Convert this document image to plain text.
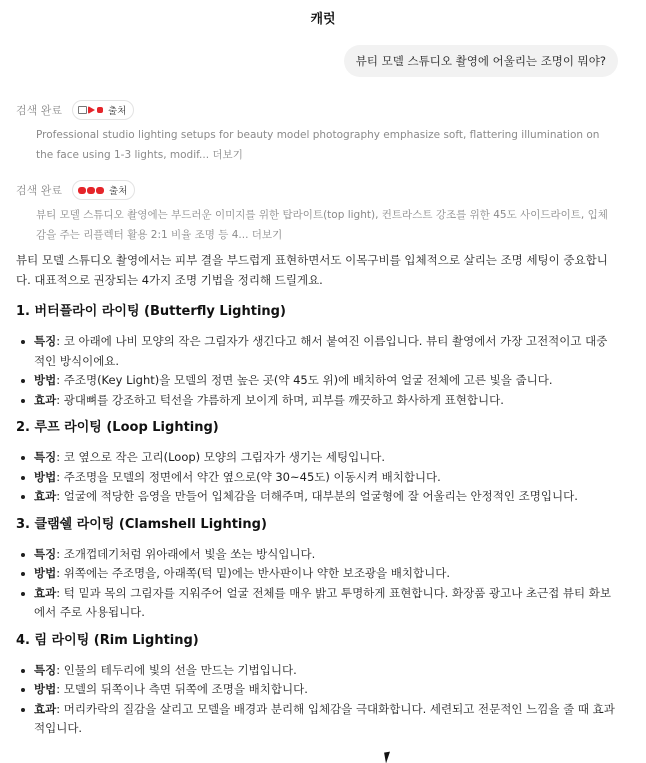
캐럿
뷰티 모델 스튜디오 촬영에 어울리는 조명이 뭐야?
검색 완료	출처
Professional studio lighting setups for beauty model photography emphasize soft, flattering illumination on the face using 1-3 lights, modif... 더보기
검색 완료	출처
뷰티 모델 스튜디오 촬영에는 부드러운 이미지를 위한 탑라이트(top light), 컨트라스트 강조를 위한 45도 사이드라이트, 입체감을 주는 리플렉터 활용 2:1 비율 조명 등 4... 더보기

뷰티 모델 스튜디오 촬영에서는 피부 결을 부드럽게 표현하면서도 이목구비를 입체적으로 살리는 조명 세팅이 중요합니다. 대표적으로 권장되는 4가지 조명 기법을 정리해 드릴게요.

1. 버터플라이 라이팅 (Butterfly Lighting)
특징: 코 아래에 나비 모양의 작은 그림자가 생긴다고 해서 붙여진 이름입니다. 뷰티 촬영에서 가장 고전적이고 대중적인 방식이에요.
방법: 주조명(Key Light)을 모델의 정면 높은 곳(약 45도 위)에 배치하여 얼굴 전체에 고른 빛을 줍니다.
효과: 광대뼈를 강조하고 턱선을 갸름하게 보이게 하며, 피부를 깨끗하고 화사하게 표현합니다.
2. 루프 라이팅 (Loop Lighting)
특징: 코 옆으로 작은 고리(Loop) 모양의 그림자가 생기는 세팅입니다.
방법: 주조명을 모델의 정면에서 약간 옆으로(약 30~45도) 이동시켜 배치합니다.
효과: 얼굴에 적당한 음영을 만들어 입체감을 더해주며, 대부분의 얼굴형에 잘 어울리는 안정적인 조명입니다.
3. 클램쉘 라이팅 (Clamshell Lighting)
특징: 조개껍데기처럼 위아래에서 빛을 쏘는 방식입니다.
방법: 위쪽에는 주조명을, 아래쪽(턱 밑)에는 반사판이나 약한 보조광을 배치합니다.
효과: 턱 밑과 목의 그림자를 지워주어 얼굴 전체를 매우 밝고 투명하게 표현합니다. 화장품 광고나 초근접 뷰티 화보에서 주로 사용됩니다.
4. 림 라이팅 (Rim Lighting)
특징: 인물의 테두리에 빛의 선을 만드는 기법입니다.
방법: 모델의 뒤쪽이나 측면 뒤쪽에 조명을 배치합니다.
효과: 머리카락의 질감을 살리고 모델을 배경과 분리해 입체감을 극대화합니다. 세련되고 전문적인 느낌을 줄 때 효과적입니다.
